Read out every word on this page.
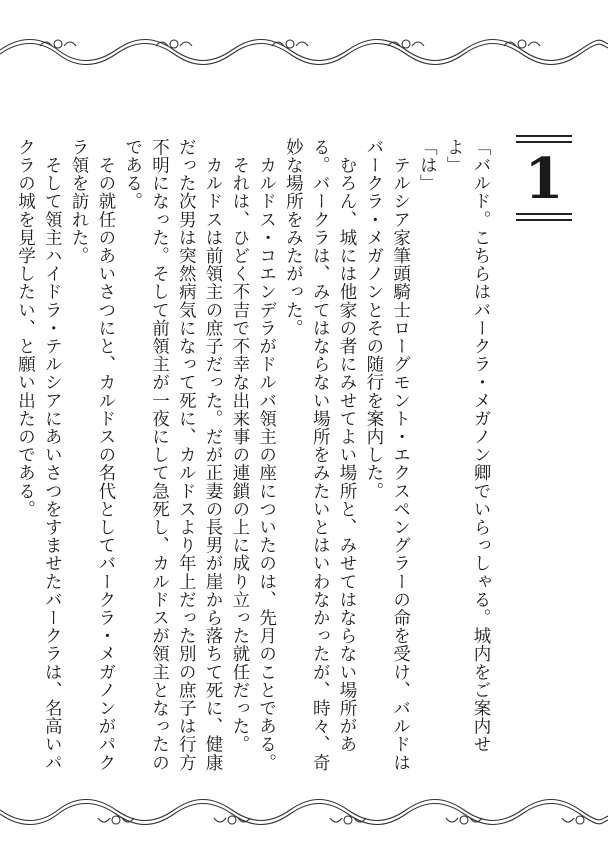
1

「バルド。こちらはバークラ・メガノン卿でいらっしゃる。城内をご案内せよ」

「は」

　テルシア家筆頭騎士ローグモント・エクスペングラーの命を受け、バルドはバークラ・メガノンとその随行を案内した。

　むろん、城には他家の者にみせてよい場所と、みせてはならない場所がある。バークラは、みてはならない場所をみたいとはいわなかったが、時々、奇妙な場所をみたがった。

　カルドス・コエンデラがドルバ領主の座についたのは、先月のことである。

　それは、ひどく不吉で不幸な出来事の連鎖の上に成り立った就任だった。

　カルドスは前領主の庶子だった。だが正妻の長男が崖から落ちて死に、健康だった次男は突然病気になって死に、カルドスより年上だった別の庶子は行方不明になった。そして前領主が一夜にして急死し、カルドスが領主となったのである。

　その就任のあいさつにと、カルドスの名代としてバークラ・メガノンがパクラ領を訪れた。

　そして領主ハイドラ・テルシアにあいさつをすませたバークラは、名高いパクラの城を見学したい、と願い出たのである。
